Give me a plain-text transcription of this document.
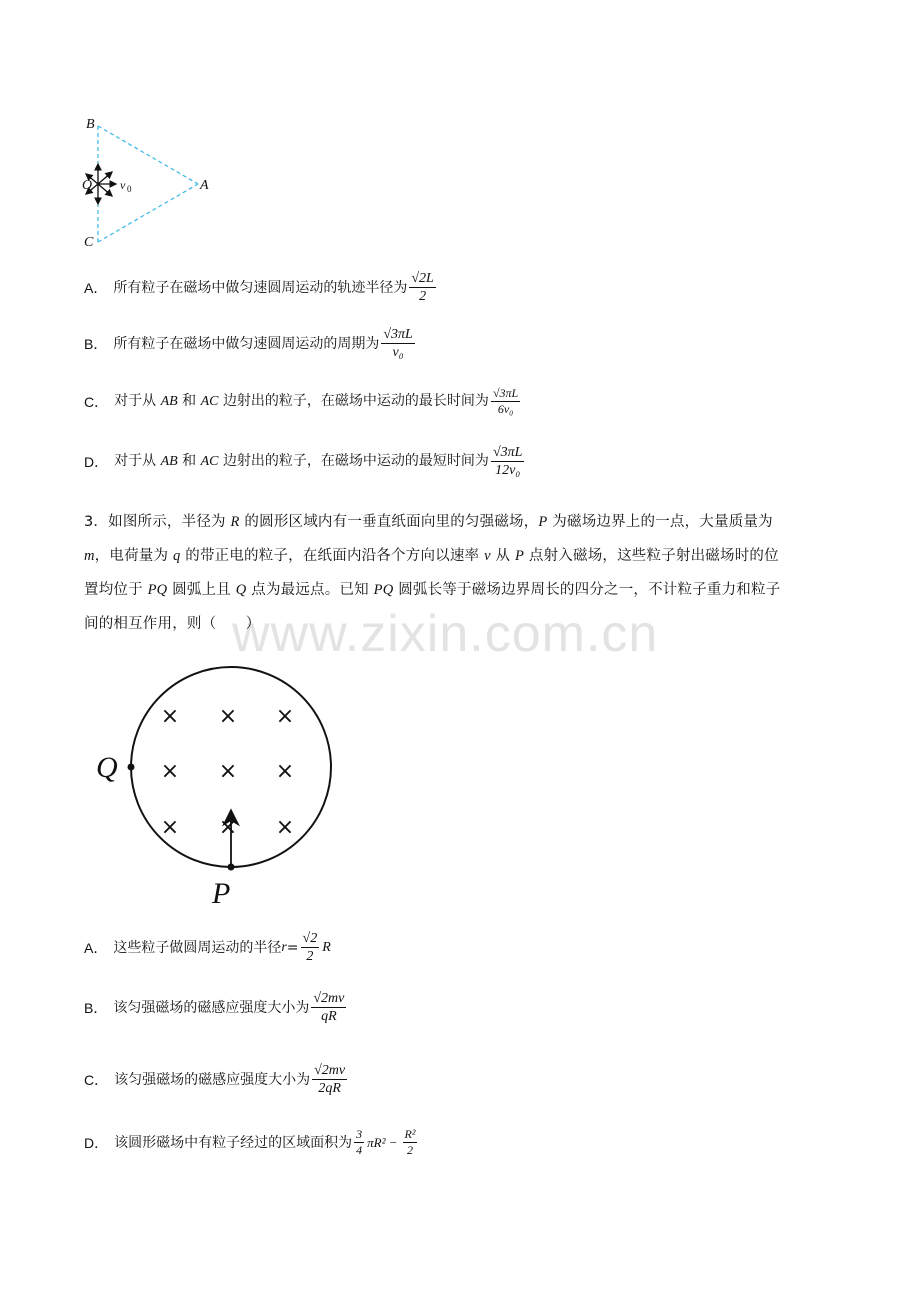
www.zixin.com.cn
B
O v 0	A
C
A． 所有粒子在磁场中做匀速圆周运动的轨迹半径为 $\frac{√2L}{2}$
B． 所有粒子在磁场中做匀速圆周运动的周期为 $\frac{√3\pi L}{\text{v₀}}$
C． 对于从 AB 和 AC 边射出的粒子，在磁场中运动的最长时间为 $\frac{√3\pi L}{\text{6v₀}}$
D． 对于从 AB 和 AC 边射出的粒子，在磁场中运动的最短时间为 $\frac{√3\pi L}{\text{12v₀}}$
3．如图所示，半径为 R 的圆形区域内有一垂直纸面向里的匀强磁场，P 为磁场边界上的一点，大量质量为
m，电荷量为 q 的带正电的粒子，在纸面内沿各个方向以速率 v 从 P 点射入磁场，这些粒子射出磁场时的位
置均位于 PQ 圆弧上且 Q 点为最远点。已知 PQ 圆弧长等于磁场边界周长的四分之一，不计粒子重力和粒子
间的相互作用，则（　　）
× × ×
× × ×
× × ×
Q
P
A． 这些粒子做圆周运动的半径 $r = \frac{√2}{2}$ R
B． 该匀强磁场的磁感应强度大小为 $\frac{√2mv}{qR}$
C． 该匀强磁场的磁感应强度大小为 $\frac{√2mv}{2qR}$
D． 该圆形磁场中有粒子经过的区域面积为 $\frac{3}{4} \pi R^2 - \frac{\text{R²}}{2}$
